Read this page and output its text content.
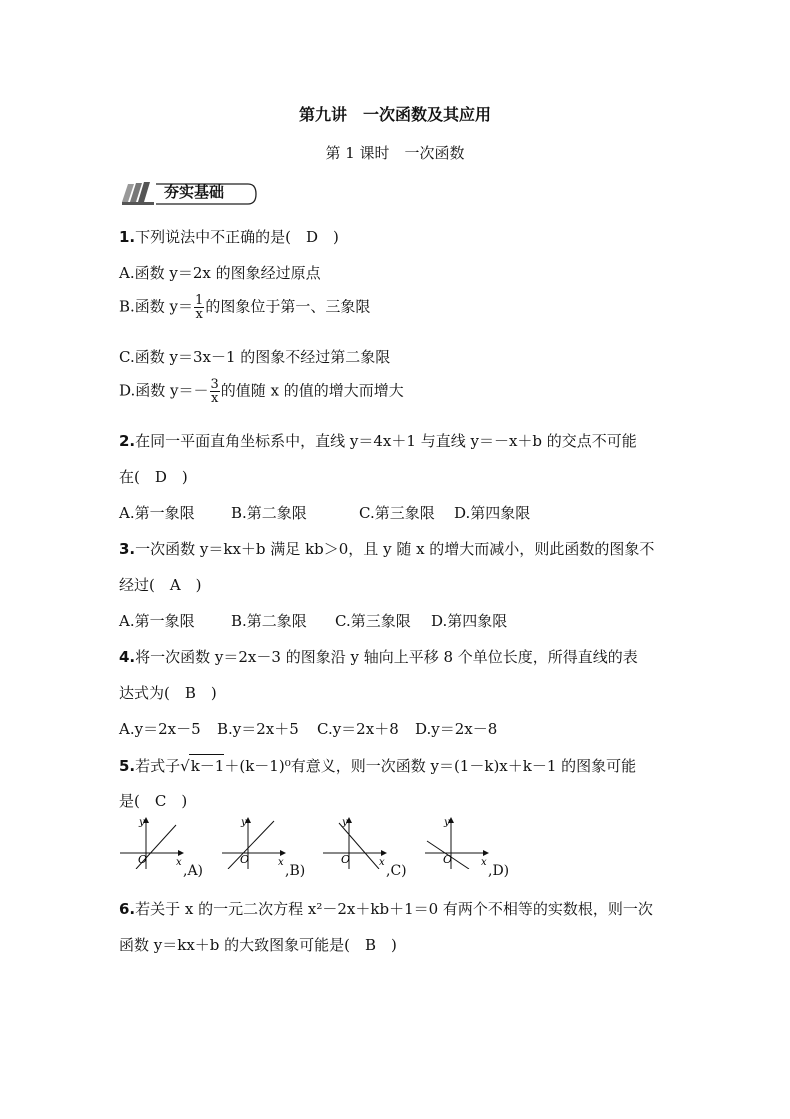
第九讲　一次函数及其应用
第 1 课时　一次函数
夯实基础
1.下列说法中不正确的是(　D　)
A.函数 y＝2x 的图象经过原点
B.函数 $y= \frac{1}{x}$ 的图象位于第一、三象限
C.函数 y＝3x－1 的图象不经过第二象限
D.函数 $y=- \frac{3}{x}$ 的值随 x 的值的增大而增大
2.在同一平面直角坐标系中，直线 y＝4x＋1 与直线 y＝－x＋b 的交点不可能
在(　D　)
A.第一象限 B.第二象限	C.第三象限 D.第四象限
3.一次函数 y＝kx＋b 满足 kb＞0，且 y 随 x 的增大而减小，则此函数的图象不
经过(　A　)
A.第一象限 B.第二象限 C.第三象限 D.第四象限
4.将一次函数 y＝2x－3 的图象沿 y 轴向上平移 8 个单位长度，所得直线的表
达式为(　B　)
A.y＝2x－5 B.y＝2x＋5 C.y＝2x＋8 D.y＝2x－8
5.若式子√k－1＋(k－1)⁰有意义，则一次函数 y＝(1－k)x＋k－1 的图象可能
是(　C　)
O	x
y
,A)
O	x
y
,B)
O	x
y
,C)
O	x
y
,D)
6.若关于 x 的一元二次方程 x²－2x＋kb＋1＝0 有两个不相等的实数根，则一次
函数 y＝kx＋b 的大致图象可能是(　B　)
